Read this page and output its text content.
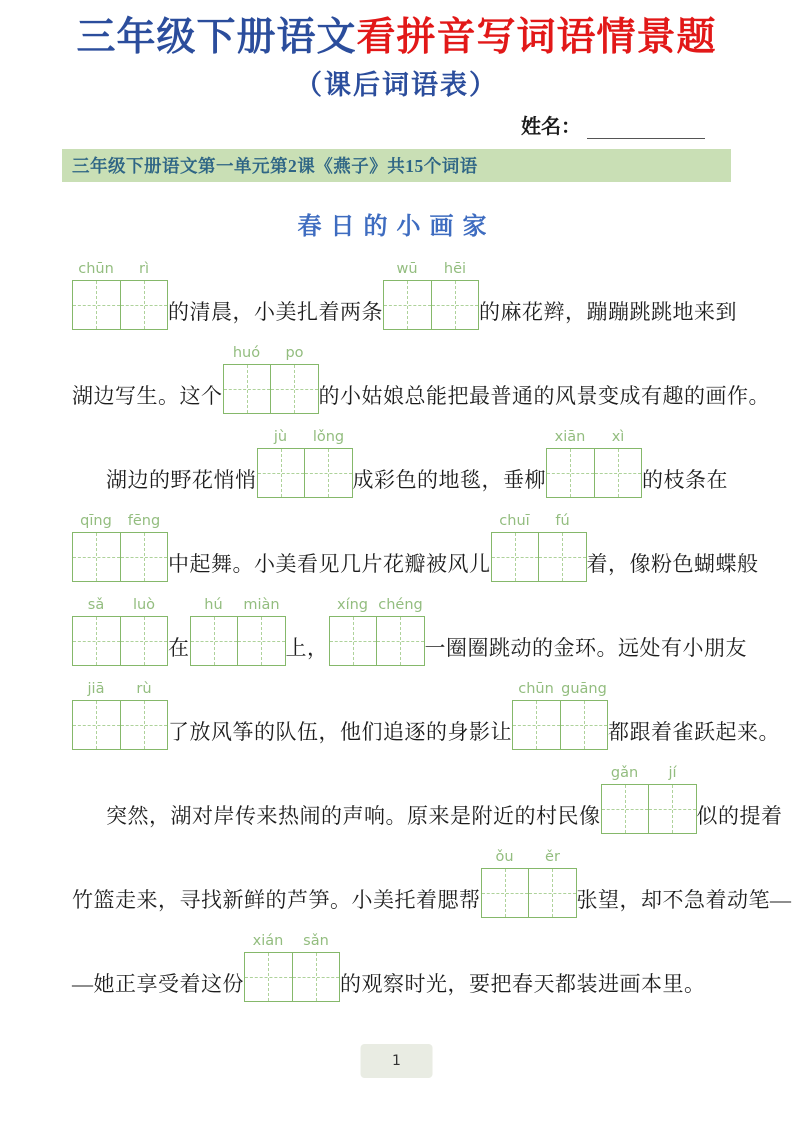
三年级下册语文看拼音写词语情景题
（课后词语表）
姓名：
三年级下册语文第一单元第2课《燕子》共15个词语
春日的小画家
chūn	rì
的清晨，小美扎着两条
wū	hēi
的麻花辫，蹦蹦跳跳地来到
湖边写生。这个
huó	po
的小姑娘总能把最普通的风景变成有趣的画作。
湖边的野花悄悄
jù	lǒng
成彩色的地毯，垂柳
xiān	xì
的枝条在
qīng	fēng
中起舞。小美看见几片花瓣被风儿
chuī	fú
着，像粉色蝴蝶般
sǎ	luò
在
hú	miàn
上，
xíng chéng
一圈圈跳动的金环。远处有小朋友
jiā	rù
了放风筝的队伍，他们追逐的身影让
chūn guāng
都跟着雀跃起来。
突然，湖对岸传来热闹的声响。原来是附近的村民像
gǎn	jí
似的提着
竹篮走来，寻找新鲜的芦笋。小美托着腮帮
ǒu	ěr
张望，却不急着动笔—
—她正享受着这份
xián	sǎn
的观察时光，要把春天都装进画本里。
1
